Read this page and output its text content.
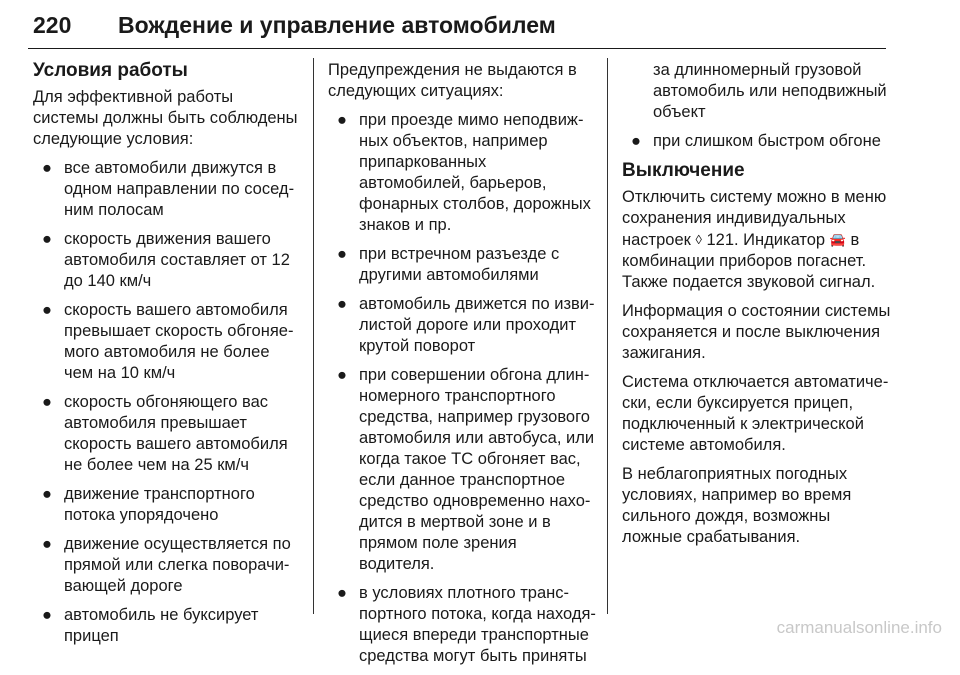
220 Вождение и управление автомобилем
Условия работы

Для эффективной работы системы должны быть соблюдены следующие условия:

● все автомобили движутся в одном направлении по соседним полосам
● скорость движения вашего автомобиля составляет от 12 до 140 км/ч
● скорость вашего автомобиля превышает скорость обгоняемого автомобиля не более чем на 10 км/ч
● скорость обгоняющего вас автомобиля превышает скорость вашего автомобиля не более чем на 25 км/ч
● движение транспортного потока упорядочено
● движение осуществляется по прямой или слегка поворачивающей дороге
● автомобиль не буксирует прицеп

Предупреждения не выдаются в следующих ситуациях:

● при проезде мимо неподвижных объектов, например припаркованных автомобилей, барьеров, фонарных столбов, дорожных знаков и пр.
● при встречном разъезде с другими автомобилями
● автомобиль движется по извилистой дороге или проходит крутой поворот
● при совершении обгона длинномерного транспортного средства, например грузового автомобиля или автобуса, или когда такое ТС обгоняет вас, если данное транспортное средство одновременно находится в мертвой зоне и в прямом поле зрения водителя.
● в условиях плотного транспортного потока, когда находящиеся впереди транспортные средства могут быть приняты

за длинномерный грузовой автомобиль или неподвижный объект

● при слишком быстром обгоне
Выключение

Отключить систему можно в меню сохранения индивидуальных настроек ◊ 121. Индикатор 🚘 в комбинации приборов погаснет. Также подается звуковой сигнал.

Информация о состоянии системы сохраняется и после выключения зажигания.

Система отключается автоматически, если буксируется прицеп, подключенный к электрической системе автомобиля.

В неблагоприятных погодных условиях, например во время сильного дождя, возможны ложные срабатывания.

carmanualsonline.info
